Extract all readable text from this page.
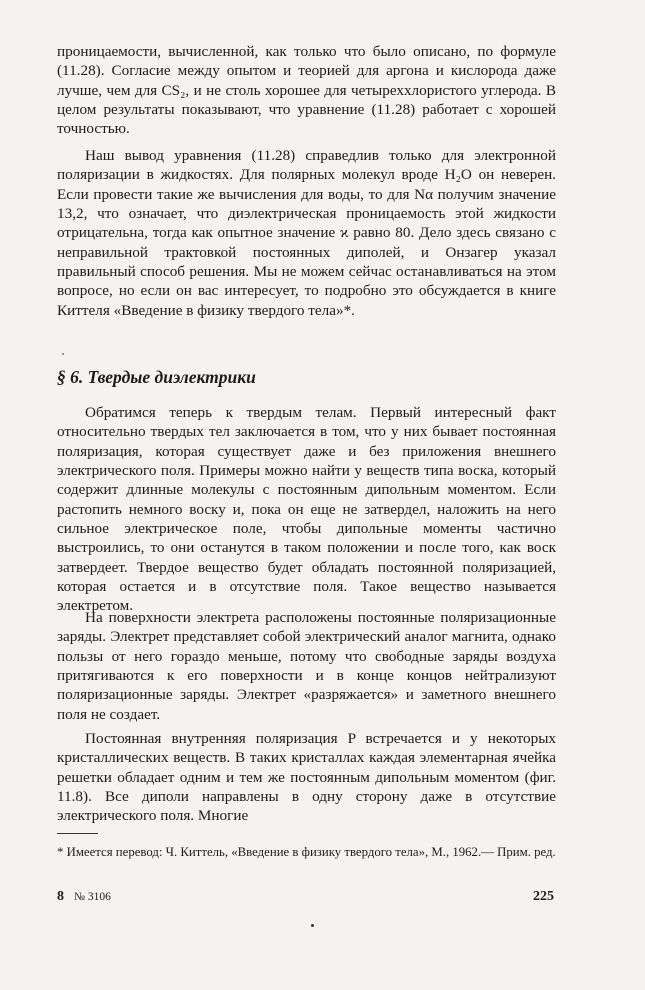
проницаемости, вычисленной, как только что было описано, по формуле (11.28). Согласие между опытом и теорией для аргона и кислорода даже лучше, чем для CS₂, и не столь хорошее для четыреххлористого углерода. В целом результаты показывают, что уравнение (11.28) работает с хорошей точностью.

Наш вывод уравнения (11.28) справедлив только для электронной поляризации в жидкостях. Для полярных молекул вроде H₂O он неверен. Если провести такие же вычисления для воды, то для Nα получим значение 13,2, что означает, что диэлектрическая проницаемость этой жидкости отрицательна, тогда как опытное значение ϰ равно 80. Дело здесь связано с неправильной трактовкой постоянных диполей, и Онзагер указал правильный способ решения. Мы не можем сейчас останавливаться на этом вопросе, но если он вас интересует, то подробно это обсуждается в книге Киттеля «Введение в физику твердого тела»*.

§ 6. Твердые диэлектрики

Обратимся теперь к твердым телам. Первый интересный факт относительно твердых тел заключается в том, что у них бывает постоянная поляризация, которая существует даже и без приложения внешнего электрического поля. Примеры можно найти у веществ типа воска, который содержит длинные молекулы с постоянным дипольным моментом. Если растопить немного воску и, пока он еще не затвердел, наложить на него сильное электрическое поле, чтобы дипольные моменты частично выстроились, то они останутся в таком положении и после того, как воск затвердеет. Твердое вещество будет обладать постоянной поляризацией, которая остается и в отсутствие поля. Такое вещество называется электретом.

На поверхности электрета расположены постоянные поляризационные заряды. Электрет представляет собой электрический аналог магнита, однако пользы от него гораздо меньше, потому что свободные заряды воздуха притягиваются к его поверхности и в конце концов нейтрализуют поляризационные заряды. Электрет «разряжается» и заметного внешнего поля не создает.

Постоянная внутренняя поляризация P встречается и у некоторых кристаллических веществ. В таких кристаллах каждая элементарная ячейка решетки обладает одним и тем же постоянным дипольным моментом (фиг. 11.8). Все диполи направлены в одну сторону даже в отсутствие электрического поля. Многие

* Имеется перевод: Ч. Киттель, «Введение в физику твердого тела», М., 1962.— Прим. ред.

8 № 3106	225
